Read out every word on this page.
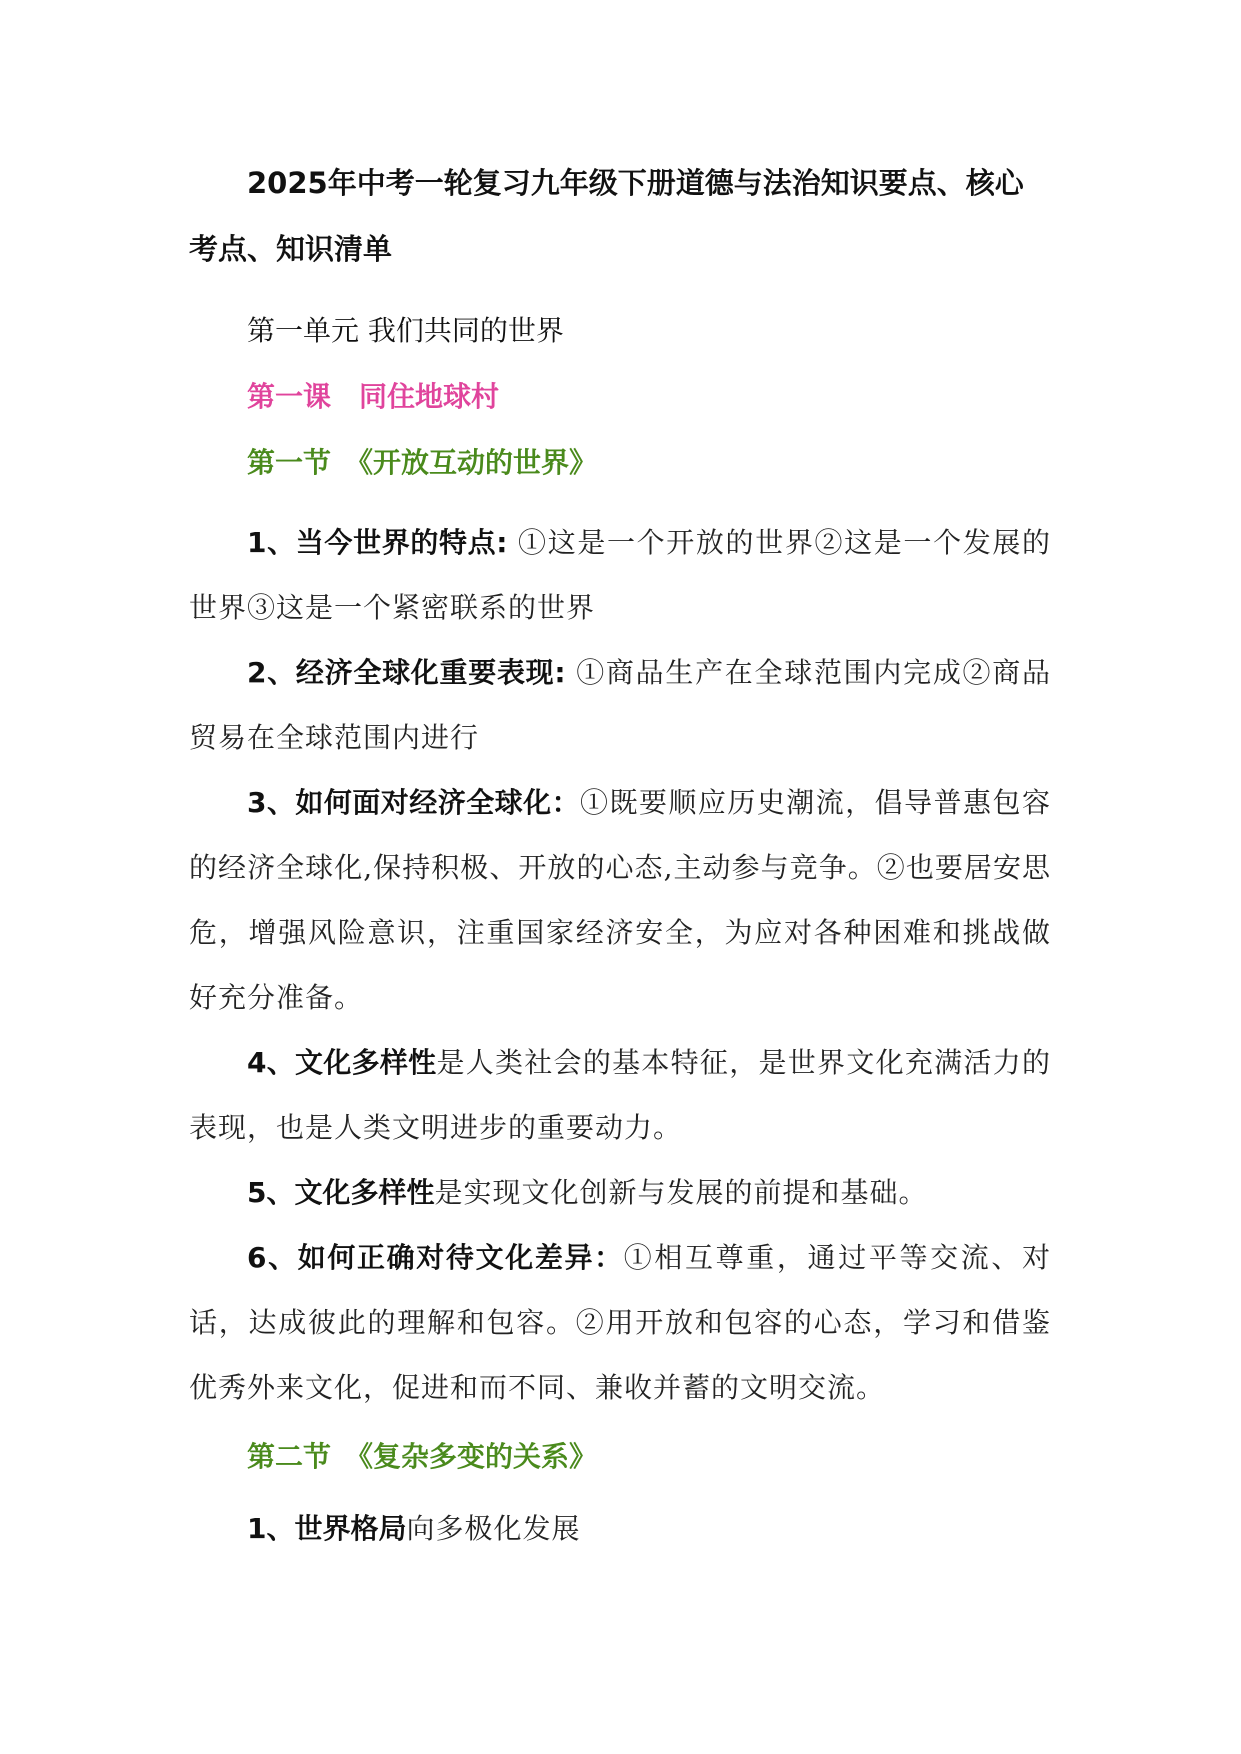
2025年中考一轮复习九年级下册道德与法治知识要点、核心考点、知识清单

第一单元 我们共同的世界

第一课　同住地球村

第一节　《开放互动的世界》

1、当今世界的特点: ①这是一个开放的世界②这是一个发展的世界③这是一个紧密联系的世界

2、经济全球化重要表现: ①商品生产在全球范围内完成②商品贸易在全球范围内进行

3、如何面对经济全球化：①既要顺应历史潮流，倡导普惠包容的经济全球化,保持积极、开放的心态,主动参与竞争。②也要居安思危，增强风险意识，注重国家经济安全，为应对各种困难和挑战做好充分准备。

4、文化多样性是人类社会的基本特征，是世界文化充满活力的表现，也是人类文明进步的重要动力。

5、文化多样性是实现文化创新与发展的前提和基础。

6、如何正确对待文化差异：①相互尊重，通过平等交流、对话，达成彼此的理解和包容。②用开放和包容的心态，学习和借鉴优秀外来文化，促进和而不同、兼收并蓄的文明交流。

第二节　《复杂多变的关系》

1、世界格局向多极化发展
